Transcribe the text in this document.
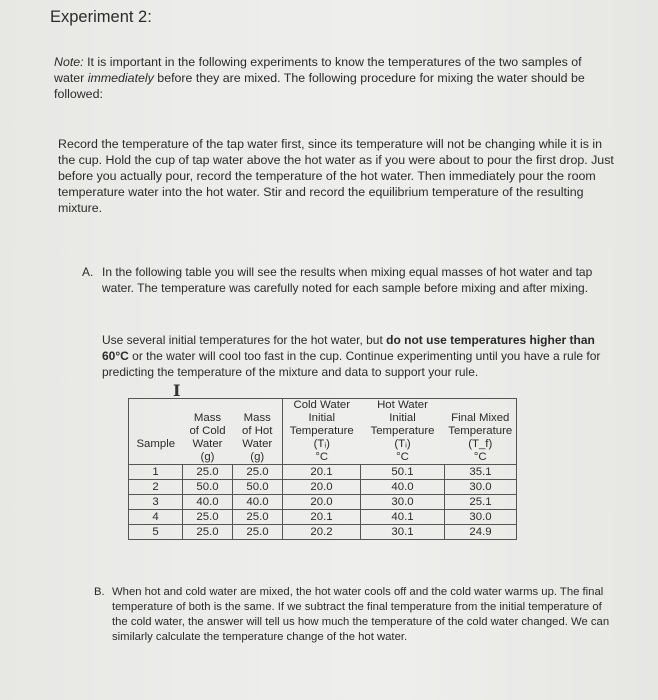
Experiment 2:
Note: It is important in the following experiments to know the temperatures of the two samples of water immediately before they are mixed. The following procedure for mixing the water should be followed:
Record the temperature of the tap water first, since its temperature will not be changing while it is in the cup. Hold the cup of tap water above the hot water as if you were about to pour the first drop. Just before you actually pour, record the temperature of the hot water. Then immediately pour the room temperature water into the hot water. Stir and record the equilibrium temperature of the resulting mixture.
A. In the following table you will see the results when mixing equal masses of hot water and tap water. The temperature was carefully noted for each sample before mixing and after mixing.
Use several initial temperatures for the hot water, but do not use temperatures higher than 60°C or the water will cool too fast in the cup. Continue experimenting until you have a rule for predicting the temperature of the mixture and data to support your rule.
I
			Cold Water	Hot Water	
	Mass	Mass	Initial	Initial	Final Mixed
	of Cold	of Hot	Temperature	Temperature	Temperature
Sample	Water	Water	(Tᵢ)	(Tᵢ)	(T_f)
	(g)	(g)	°C	°C	°C
1	25.0	25.0	20.1	50.1	35.1
2	50.0	50.0	20.0	40.0	30.0
3	40.0	40.0	20.0	30.0	25.1
4	25.0	25.0	20.1	40.1	30.0
5	25.0	25.0	20.2	30.1	24.9
B. When hot and cold water are mixed, the hot water cools off and the cold water warms up. The final temperature of both is the same. If we subtract the final temperature from the initial temperature of the cold water, the answer will tell us how much the temperature of the cold water changed. We can similarly calculate the temperature change of the hot water.
